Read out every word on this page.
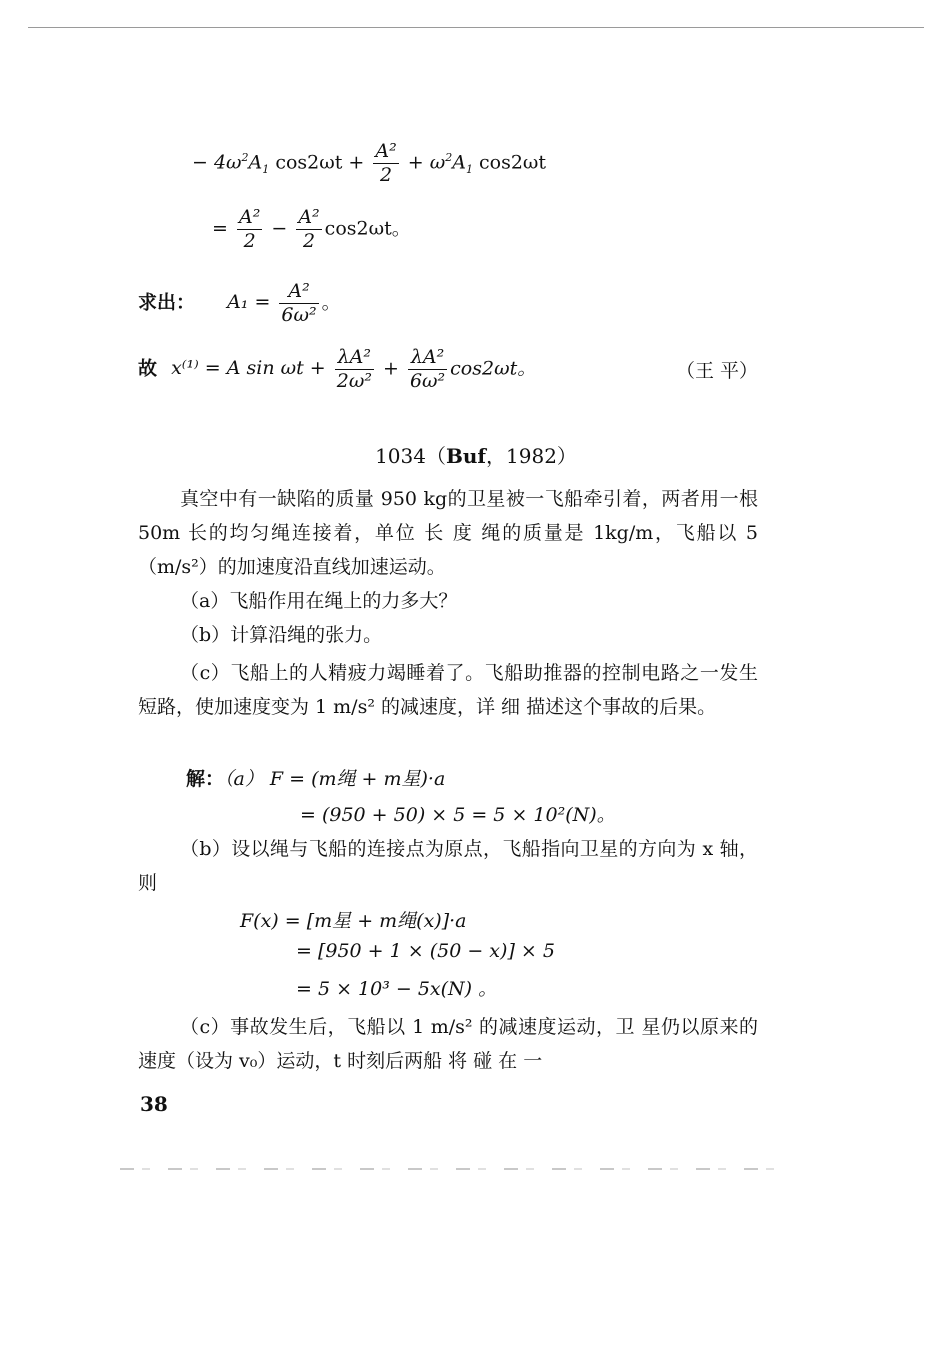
− $4\omega^2A_1$ $\cos 2\omega t + \frac{\text{A²}}{2} + \omega^2A_1$ cos2ωt
= $\frac{\text{A²}}{2} - \frac{\text{A²}}{2} \cos 2\omega t$。
求出： $A_1 = \frac{\text{A²}}{\text{6ω²}}$ 。
故 x⁽¹⁾ = A $\sin \omega t + \frac{\text{λA²}}{\text{2ω²}} + \frac{\text{λA²}}{\text{6ω²}} \cos 2\omega t$。	（王 平）
1034（Buf，1982）
真空中有一缺陷的质量 950 kg的卫星被一飞船牵引着，两者用一根 50m 长的均匀绳连接着，单位 长 度 绳的质量是 1kg/m，飞船以 5（m/s²）的加速度沿直线加速运动。
（a）飞船作用在绳上的力多大？
（b）计算沿绳的张力。
（c）飞船上的人精疲力竭睡着了。飞船助推器的控制电路之一发生短路，使加速度变为 1 m/s² 的减速度，详 细 描述这个事故的后果。
解：（a） F = (m绳 + m星)·a
= (950 + 50) × 5 = 5 × 10²(N)。
（b）设以绳与飞船的连接点为原点，飞船指向卫星的方向为 x 轴，则
F(x) = [m星 + m绳(x)]·a
= [950 + 1 × (50 − x)] × 5
= 5 × 10³ − 5x(N) 。
（c）事故发生后，飞船以 1 m/s² 的减速度运动，卫 星仍以原来的速度（设为 v₀）运动，t 时刻后两船 将 碰 在 一
38
